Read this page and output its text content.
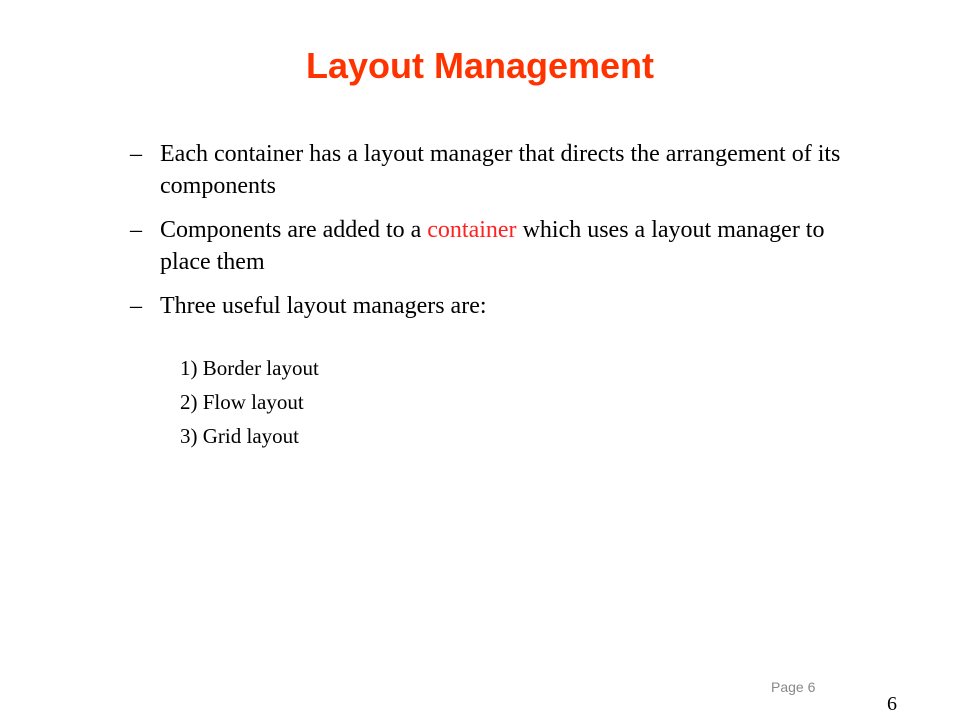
Layout Management
– Each container has a layout manager that directs the arrangement of its components
– Components are added to a container which uses a layout manager to place them
– Three useful layout managers are:
1) Border layout
2) Flow layout
3) Grid layout
Page 6
6
